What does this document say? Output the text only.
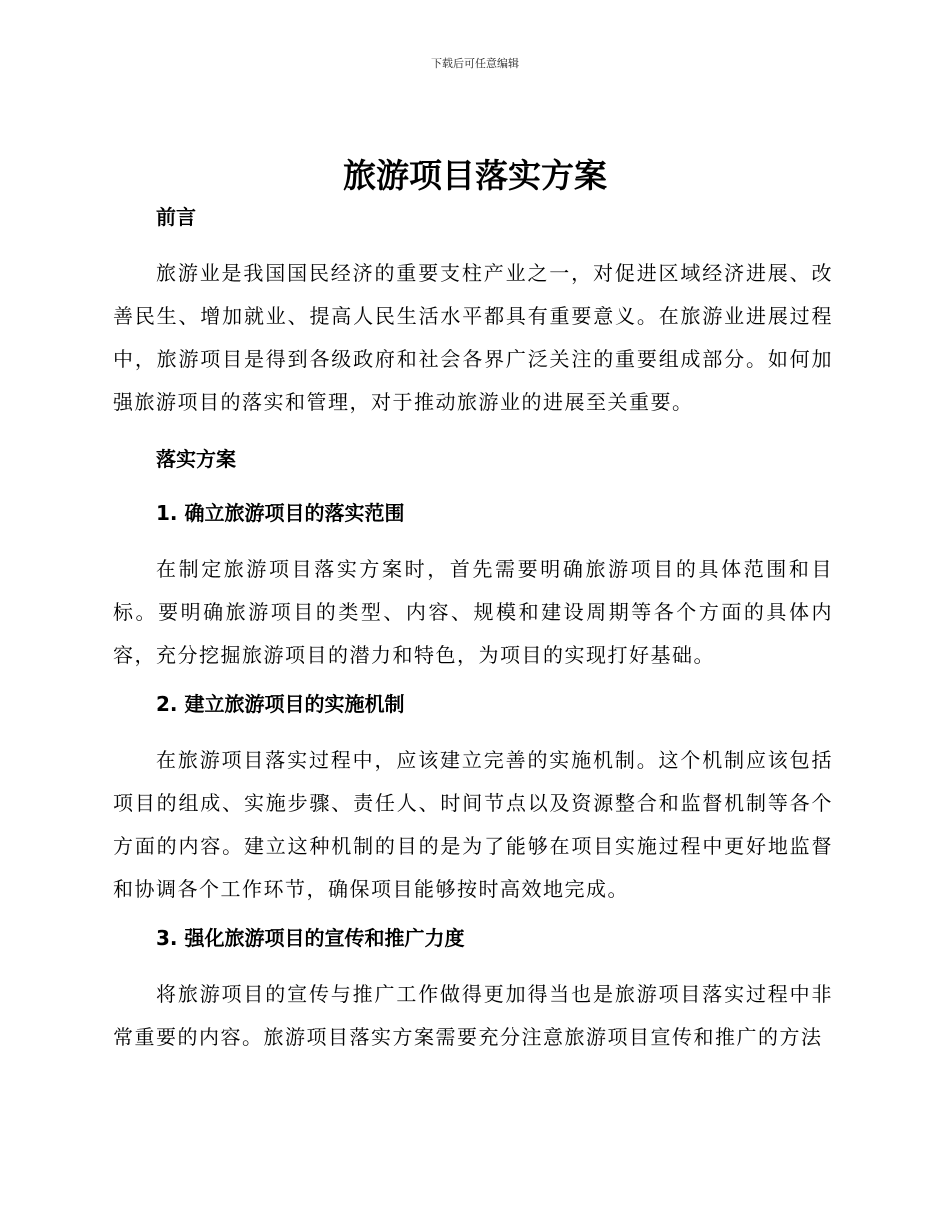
下载后可任意编辑
旅游项目落实方案
前言

旅游业是我国国民经济的重要支柱产业之一，对促进区域经济进展、改善民生、增加就业、提高人民生活水平都具有重要意义。在旅游业进展过程中，旅游项目是得到各级政府和社会各界广泛关注的重要组成部分。如何加强旅游项目的落实和管理，对于推动旅游业的进展至关重要。

落实方案
1. 确立旅游项目的落实范围

在制定旅游项目落实方案时，首先需要明确旅游项目的具体范围和目标。要明确旅游项目的类型、内容、规模和建设周期等各个方面的具体内容，充分挖掘旅游项目的潜力和特色，为项目的实现打好基础。

2. 建立旅游项目的实施机制

在旅游项目落实过程中，应该建立完善的实施机制。这个机制应该包括项目的组成、实施步骤、责任人、时间节点以及资源整合和监督机制等各个方面的内容。建立这种机制的目的是为了能够在项目实施过程中更好地监督和协调各个工作环节，确保项目能够按时高效地完成。

3. 强化旅游项目的宣传和推广力度

将旅游项目的宣传与推广工作做得更加得当也是旅游项目落实过程中非常重要的内容。旅游项目落实方案需要充分注意旅游项目宣传和推广的方法
